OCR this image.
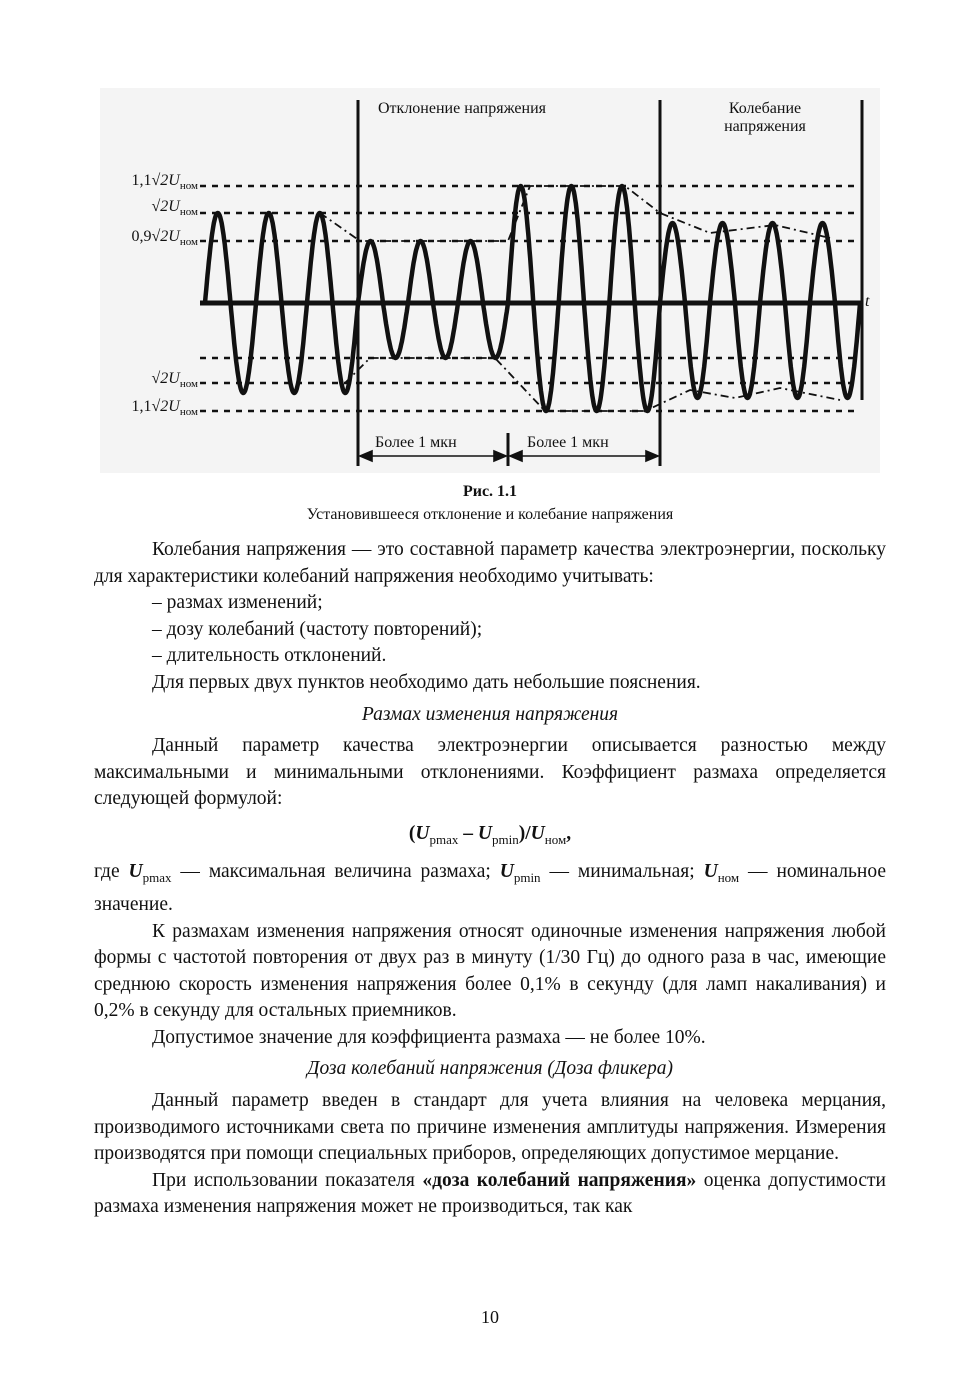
Отклонение напряжения	Колебание
напряжения
$1,1√2U_{ном}$
$√2U_{ном}$
$0,9√2U_{ном}$
$√2U_{ном}$
$1,1√2U_{ном}$
t
Более 1 мкн	Более 1 мкн
Рис. 1.1
Установившееся отклонение и колебание напряжения

Колебания напряжения — это составной параметр качества электроэнергии, поскольку для характеристики колебаний напряжения необходимо учитывать:

– размах изменений;

– дозу колебаний (частоту повторений);

– длительность отклонений.

Для первых двух пунктов необходимо дать небольшие пояснения.

Размах изменения напряжения

Данный параметр качества электроэнергии описывается разностью между максимальными и минимальными отклонениями. Коэффициент размаха определяется следующей формулой:

$(U_{pmax} - U_{pmin})/U_{ном}$,

где $U_{pmax}$ — максимальная величина размаха; $U_{pmin}$ — минимальная; $U_{ном}$ — номинальное значение.

К размахам изменения напряжения относят одиночные изменения напряжения любой формы с частотой повторения от двух раз в минуту (1/30 Гц) до одного раза в час, имеющие среднюю скорость изменения напряжения более 0,1% в секунду (для ламп накаливания) и 0,2% в секунду для остальных приемников.

Допустимое значение для коэффициента размаха — не более 10%.

Доза колебаний напряжения (Доза фликера)

Данный параметр введен в стандарт для учета влияния на человека мерцания, производимого источниками света по причине изменения амплитуды напряжения. Измерения производятся при помощи специальных приборов, определяющих допустимое мерцание.

При использовании показателя «доза колебаний напряжения» оценка допустимости размаха изменения напряжения может не производиться, так как

10
